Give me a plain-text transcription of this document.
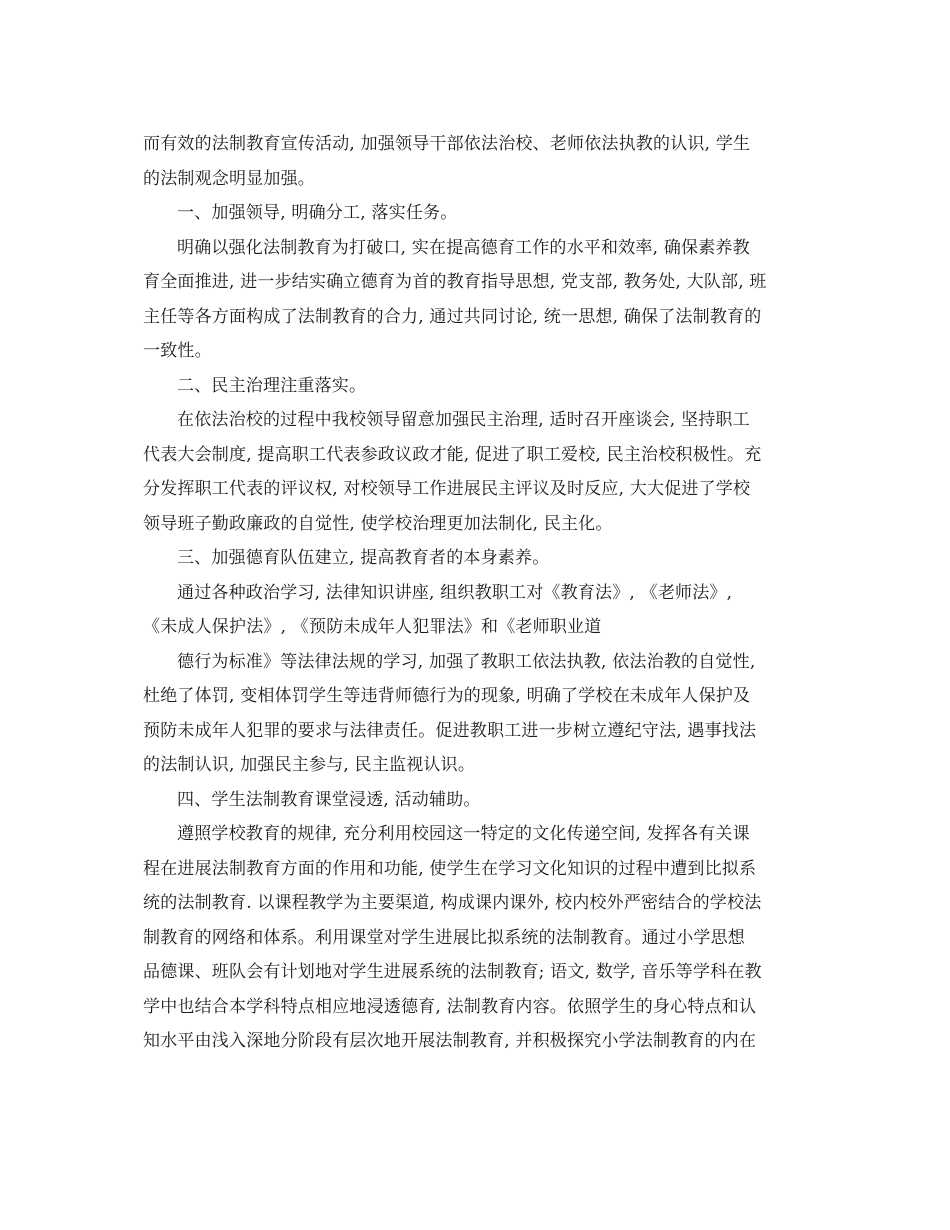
而有效的法制教育宣传活动, 加强领导干部依法治校、老师依法执教的认识, 学生
的法制观念明显加强。
一、加强领导, 明确分工, 落实任务。
明确以强化法制教育为打破口, 实在提高德育工作的水平和效率, 确保素养教
育全面推进, 进一步结实确立德育为首的教育指导思想, 党支部, 教务处, 大队部, 班
主任等各方面构成了法制教育的合力, 通过共同讨论, 统一思想, 确保了法制教育的
一致性。
二、民主治理注重落实。
在依法治校的过程中我校领导留意加强民主治理, 适时召开座谈会, 坚持职工
代表大会制度, 提高职工代表参政议政才能, 促进了职工爱校, 民主治校积极性。充
分发挥职工代表的评议权, 对校领导工作进展民主评议及时反应, 大大促进了学校
领导班子勤政廉政的自觉性, 使学校治理更加法制化, 民主化。
三、加强德育队伍建立, 提高教育者的本身素养。
通过各种政治学习, 法律知识讲座, 组织教职工对《教育法》, 《老师法》,
《未成人保护法》, 《预防未成年人犯罪法》和《老师职业道
德行为标准》等法律法规的学习, 加强了教职工依法执教, 依法治教的自觉性,
杜绝了体罚, 变相体罚学生等违背师德行为的现象, 明确了学校在未成年人保护及
预防未成年人犯罪的要求与法律责任。促进教职工进一步树立遵纪守法, 遇事找法
的法制认识, 加强民主参与, 民主监视认识。
四、学生法制教育课堂浸透, 活动辅助。
遵照学校教育的规律, 充分利用校园这一特定的文化传递空间, 发挥各有关课
程在进展法制教育方面的作用和功能, 使学生在学习文化知识的过程中遭到比拟系
统的法制教育. 以课程教学为主要渠道, 构成课内课外, 校内校外严密结合的学校法
制教育的网络和体系。利用课堂对学生进展比拟系统的法制教育。通过小学思想
品德课、班队会有计划地对学生进展系统的法制教育; 语文, 数学, 音乐等学科在教
学中也结合本学科特点相应地浸透德育, 法制教育内容。依照学生的身心特点和认
知水平由浅入深地分阶段有层次地开展法制教育, 并积极探究小学法制教育的内在
